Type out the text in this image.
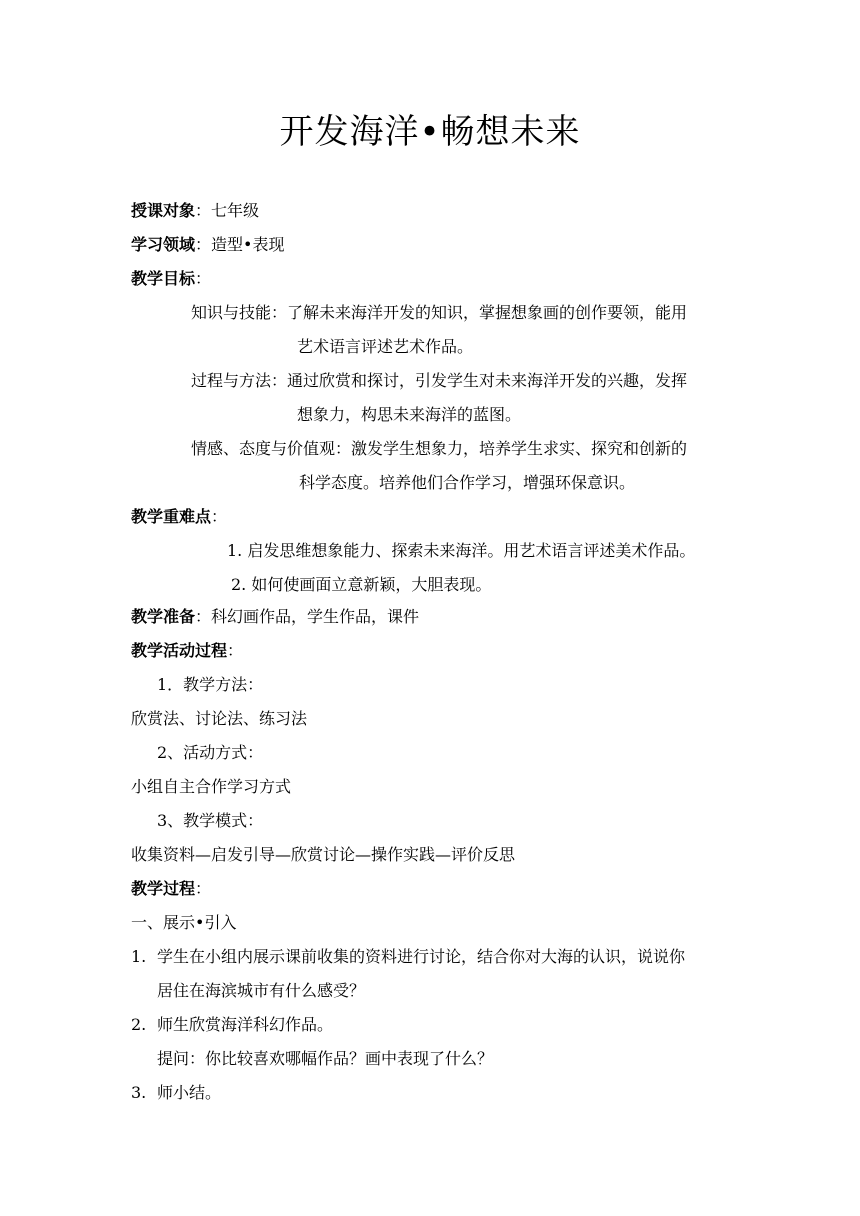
开发海洋•畅想未来
授课对象：七年级
学习领域：造型•表现
教学目标：
知识与技能：了解未来海洋开发的知识，掌握想象画的创作要领，能用
艺术语言评述艺术作品。
过程与方法：通过欣赏和探讨，引发学生对未来海洋开发的兴趣，发挥
想象力，构思未来海洋的蓝图。
情感、态度与价值观：激发学生想象力，培养学生求实、探究和创新的
科学态度。培养他们合作学习，增强环保意识。
教学重难点：
1. 启发思维想象能力、探索未来海洋。用艺术语言评述美术作品。
2. 如何使画面立意新颖，大胆表现。
教学准备：科幻画作品，学生作品，课件
教学活动过程：
1．教学方法：
欣赏法、讨论法、练习法
2、活动方式：
小组自主合作学习方式
3、教学模式：
收集资料—启发引导—欣赏讨论—操作实践—评价反思
教学过程：
一、展示•引入
1. 学生在小组内展示课前收集的资料进行讨论，结合你对大海的认识，说说你
居住在海滨城市有什么感受？
2. 师生欣赏海洋科幻作品。
提问：你比较喜欢哪幅作品？画中表现了什么？
3. 师小结。
